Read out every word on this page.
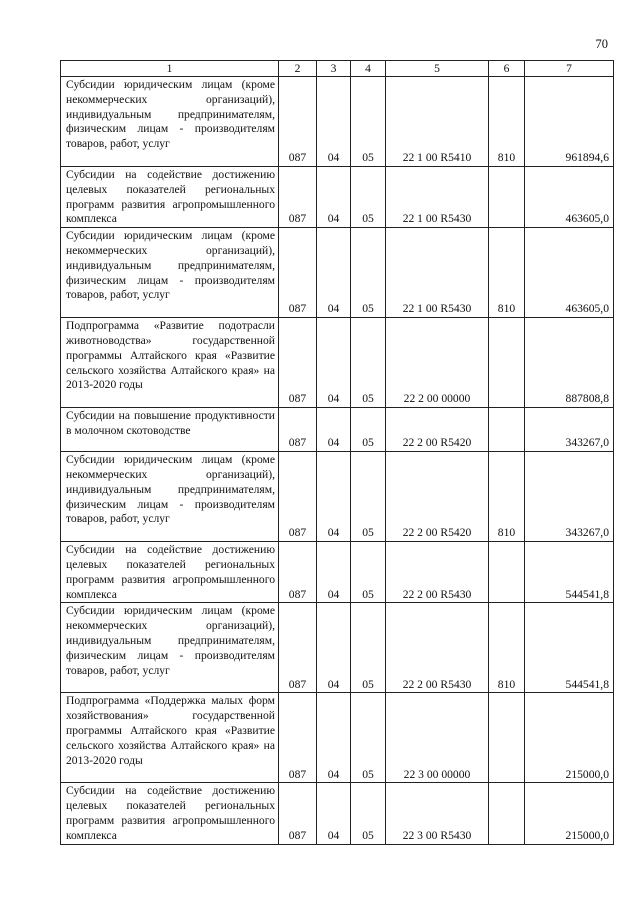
70
1	2	3	4	5	6	7
Субсидии юридическим лицам (кроме некоммерческих организаций), индивидуальным предпринимателям, физическим лицам - производителям товаров, работ, услуг	087	04	05	22 1 00 R5410	810	961894,6
Субсидии на содействие достижению целевых показателей региональных программ развития агропромышленного комплекса	087	04	05	22 1 00 R5430		463605,0
Субсидии юридическим лицам (кроме некоммерческих организаций), индивидуальным предпринимателям, физическим лицам - производителям товаров, работ, услуг	087	04	05	22 1 00 R5430	810	463605,0
Подпрограмма «Развитие подотрасли животноводства» государственной программы Алтайского края «Развитие сельского хозяйства Алтайского края» на 2013-2020 годы	087	04	05	22 2 00 00000		887808,8
Субсидии на повышение продуктивности в молочном скотоводстве	087	04	05	22 2 00 R5420		343267,0
Субсидии юридическим лицам (кроме некоммерческих организаций), индивидуальным предпринимателям, физическим лицам - производителям товаров, работ, услуг	087	04	05	22 2 00 R5420	810	343267,0
Субсидии на содействие достижению целевых показателей региональных программ развития агропромышленного комплекса	087	04	05	22 2 00 R5430		544541,8
Субсидии юридическим лицам (кроме некоммерческих организаций), индивидуальным предпринимателям, физическим лицам - производителям товаров, работ, услуг	087	04	05	22 2 00 R5430	810	544541,8
Подпрограмма «Поддержка малых форм хозяйствования» государственной программы Алтайского края «Развитие сельского хозяйства Алтайского края» на 2013-2020 годы	087	04	05	22 3 00 00000		215000,0
Субсидии на содействие достижению целевых показателей региональных программ развития агропромышленного комплекса	087	04	05	22 3 00 R5430		215000,0
